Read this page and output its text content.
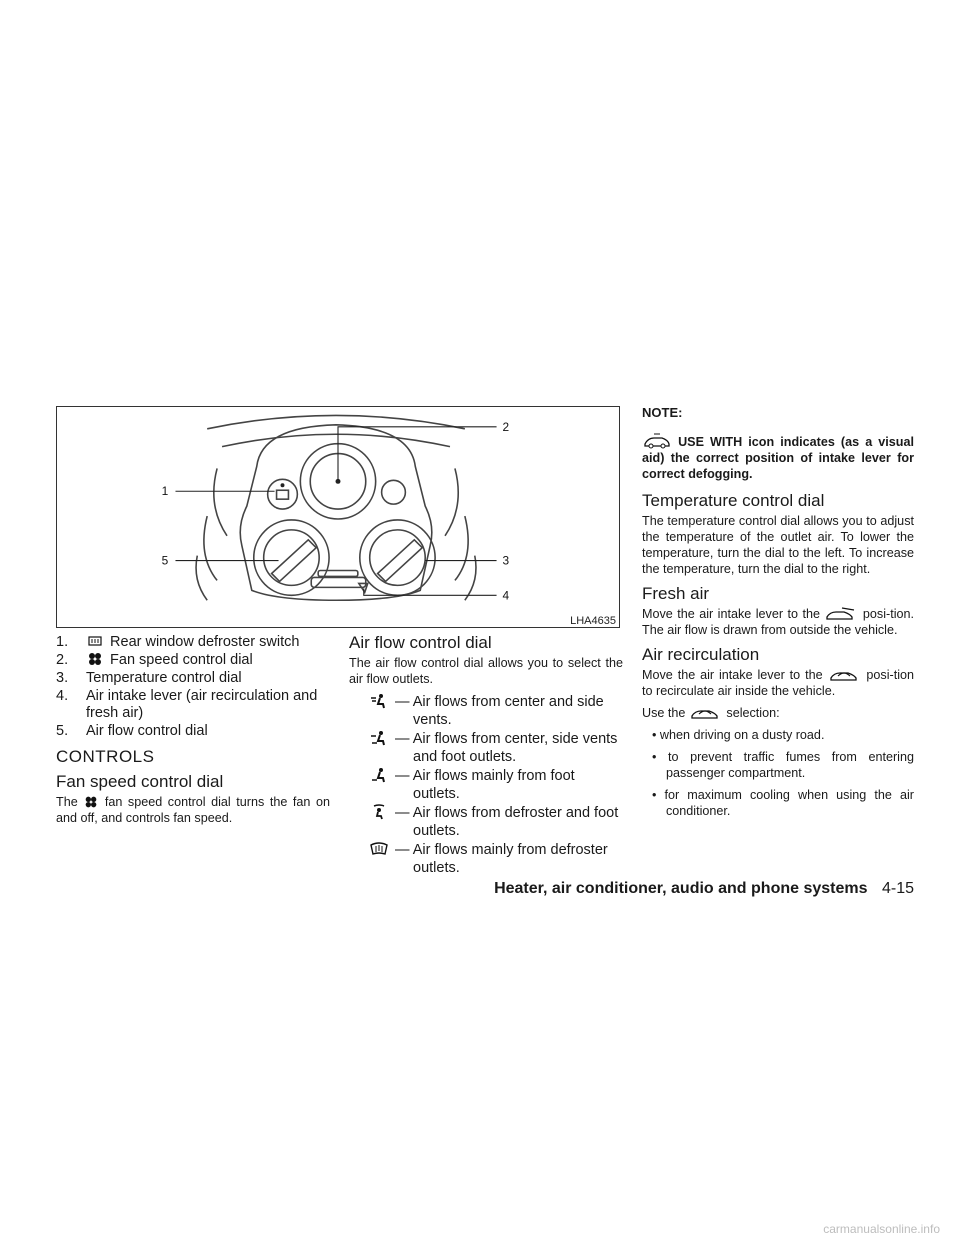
2
1
5	3
4
LHA4635
1.	Rear window defroster switch
2.	Fan speed control dial
3.	Temperature control dial
4.	Air intake lever (air recirculation and fresh air)
5.	Air flow control dial
CONTROLS
Fan speed control dial

The fan speed control dial turns the fan on and off, and controls fan speed.

Air flow control dial

The air flow control dial allows you to select the air flow outlets.

— Air flows from center and side vents.
— Air flows from center, side vents and foot outlets.
— Air flows mainly from foot outlets.
— Air flows from defroster and foot outlets.
— Air flows mainly from defroster outlets.
NOTE:

USE WITH icon indicates (as a visual aid) the correct position of intake lever for correct defogging.

Temperature control dial

The temperature control dial allows you to adjust the temperature of the outlet air. To lower the temperature, turn the dial to the left. To increase the temperature, turn the dial to the right.

Fresh air

Move the air intake lever to the	posi-tion. The air flow is drawn from outside the vehicle.

Air recirculation

Move the air intake lever to the	posi-tion to recirculate air inside the vehicle.

Use the	selection:

• when driving on a dusty road.
• to prevent traffic fumes from entering passenger compartment.
• for maximum cooling when using the air conditioner.
Heater, air conditioner, audio and phone systems 4-15
carmanualsonline.info
